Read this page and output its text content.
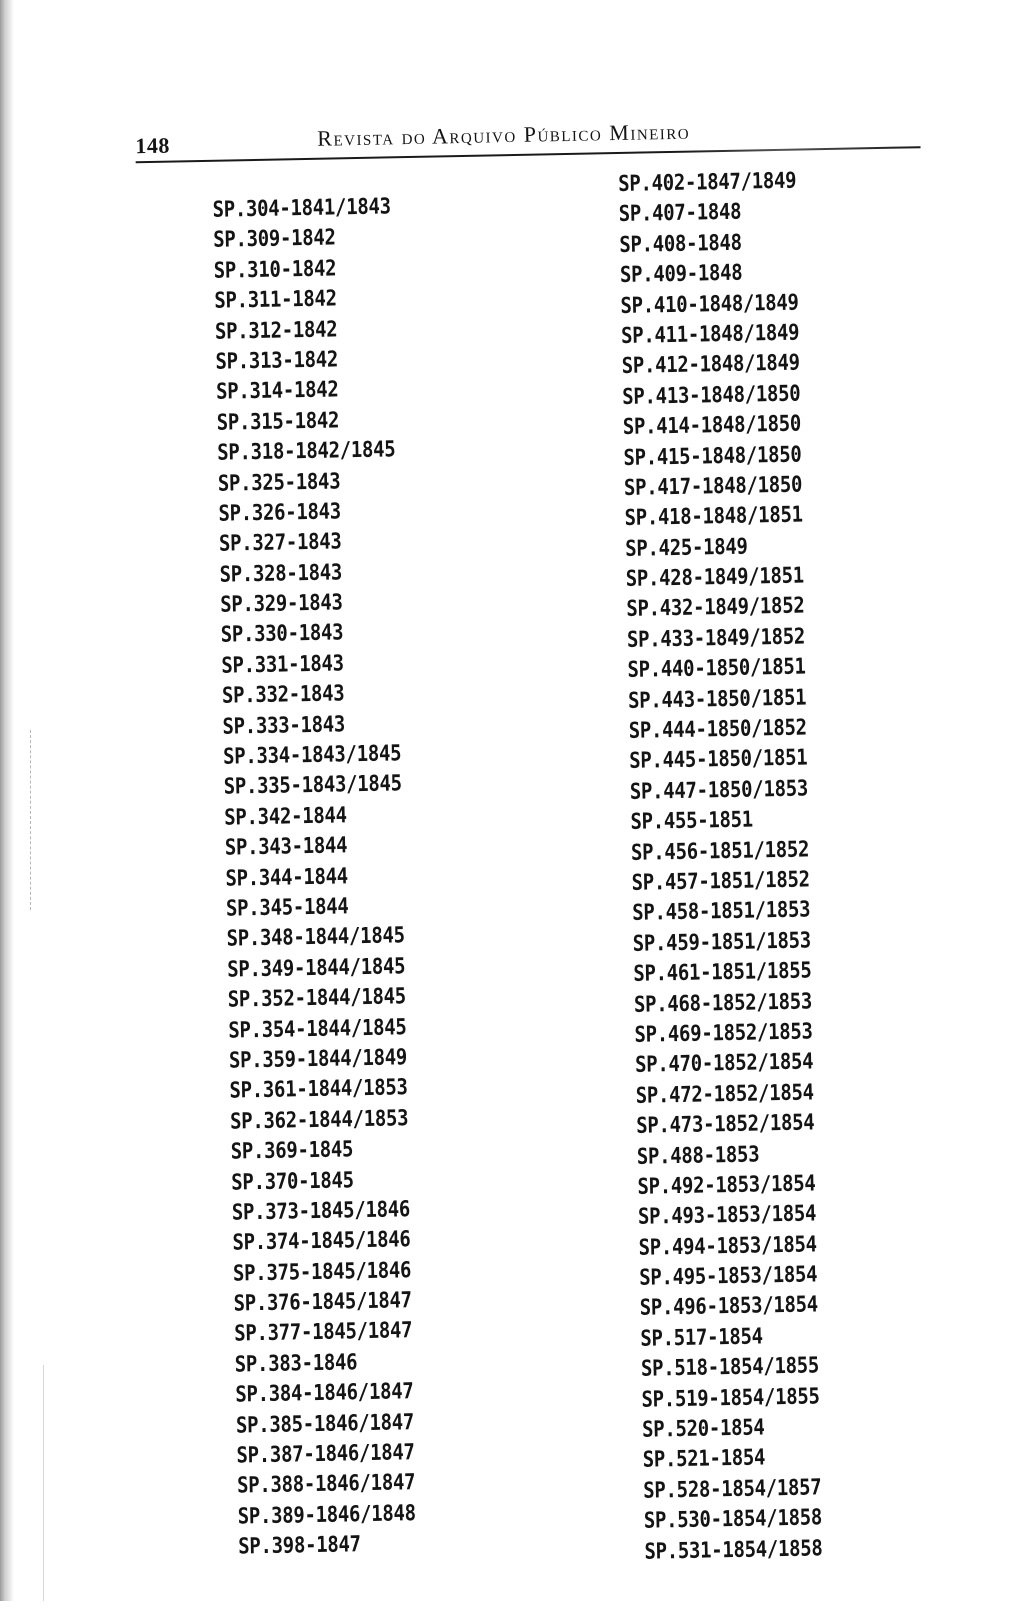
148	Revista do Arquivo Público Mineiro
SP.304-1841/1843
SP.309-1842
SP.310-1842
SP.311-1842
SP.312-1842
SP.313-1842
SP.314-1842
SP.315-1842
SP.318-1842/1845
SP.325-1843
SP.326-1843
SP.327-1843
SP.328-1843
SP.329-1843
SP.330-1843
SP.331-1843
SP.332-1843
SP.333-1843
SP.334-1843/1845
SP.335-1843/1845
SP.342-1844
SP.343-1844
SP.344-1844
SP.345-1844
SP.348-1844/1845
SP.349-1844/1845
SP.352-1844/1845
SP.354-1844/1845
SP.359-1844/1849
SP.361-1844/1853
SP.362-1844/1853
SP.369-1845
SP.370-1845
SP.373-1845/1846
SP.374-1845/1846
SP.375-1845/1846
SP.376-1845/1847
SP.377-1845/1847
SP.383-1846
SP.384-1846/1847
SP.385-1846/1847
SP.387-1846/1847
SP.388-1846/1847
SP.389-1846/1848
SP.398-1847
SP.402-1847/1849
SP.407-1848
SP.408-1848
SP.409-1848
SP.410-1848/1849
SP.411-1848/1849
SP.412-1848/1849
SP.413-1848/1850
SP.414-1848/1850
SP.415-1848/1850
SP.417-1848/1850
SP.418-1848/1851
SP.425-1849
SP.428-1849/1851
SP.432-1849/1852
SP.433-1849/1852
SP.440-1850/1851
SP.443-1850/1851
SP.444-1850/1852
SP.445-1850/1851
SP.447-1850/1853
SP.455-1851
SP.456-1851/1852
SP.457-1851/1852
SP.458-1851/1853
SP.459-1851/1853
SP.461-1851/1855
SP.468-1852/1853
SP.469-1852/1853
SP.470-1852/1854
SP.472-1852/1854
SP.473-1852/1854
SP.488-1853
SP.492-1853/1854
SP.493-1853/1854
SP.494-1853/1854
SP.495-1853/1854
SP.496-1853/1854
SP.517-1854
SP.518-1854/1855
SP.519-1854/1855
SP.520-1854
SP.521-1854
SP.528-1854/1857
SP.530-1854/1858
SP.531-1854/1858
